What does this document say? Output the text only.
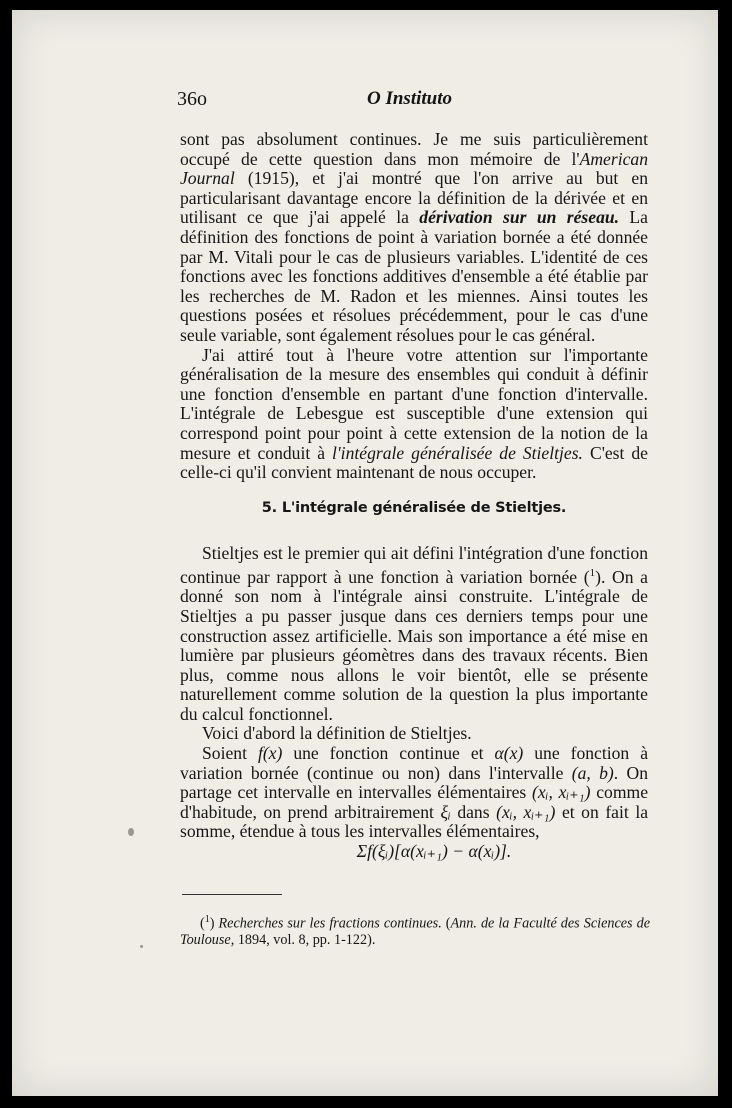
36o	O Instituto

sont pas absolument continues. Je me suis particulièrement occupé de cette question dans mon mémoire de l'American Journal (1915), et j'ai montré que l'on arrive au but en particularisant davantage encore la définition de la dérivée et en utilisant ce que j'ai appelé la dérivation sur un réseau. La définition des fonctions de point à variation bornée a été donnée par M. Vitali pour le cas de plusieurs variables. L'identité de ces fonctions avec les fonctions additives d'ensemble a été établie par les recherches de M. Radon et les miennes. Ainsi toutes les questions posées et résolues précédemment, pour le cas d'une seule variable, sont également résolues pour le cas général.

J'ai attiré tout à l'heure votre attention sur l'importante généralisation de la mesure des ensembles qui conduit à définir une fonction d'ensemble en partant d'une fonction d'intervalle. L'intégrale de Lebesgue est susceptible d'une extension qui correspond point pour point à cette extension de la notion de la mesure et conduit à l'intégrale généralisée de Stieltjes. C'est de celle-ci qu'il convient maintenant de nous occuper.

5. L'intégrale généralisée de Stieltjes.

Stieltjes est le premier qui ait défini l'intégration d'une fonction continue par rapport à une fonction à variation bornée ($^1$). On a donné son nom à l'intégrale ainsi construite. L'intégrale de Stieltjes a pu passer jusque dans ces derniers temps pour une construction assez artificielle. Mais son importance a été mise en lumière par plusieurs géomètres dans des travaux récents. Bien plus, comme nous allons le voir bientôt, elle se présente naturellement comme solution de la question la plus importante du calcul fonctionnel.

Voici d'abord la définition de Stieltjes.

Soient f(x) une fonction continue et α(x) une fonction à variation bornée (continue ou non) dans l'intervalle (a, b). On partage cet intervalle en intervalles élémentaires (xᵢ, xᵢ₊₁) comme d'habitude, on prend arbitrairement ξᵢ dans (xᵢ, xᵢ₊₁) et on fait la somme, étendue à tous les intervalles élémentaires,

Σf(ξᵢ)[α(xᵢ₊₁) − α(xᵢ)].

($^1$) Recherches sur les fractions continues. (Ann. de la Faculté des Sciences de Toulouse, 1894, vol. 8, pp. 1-122).
